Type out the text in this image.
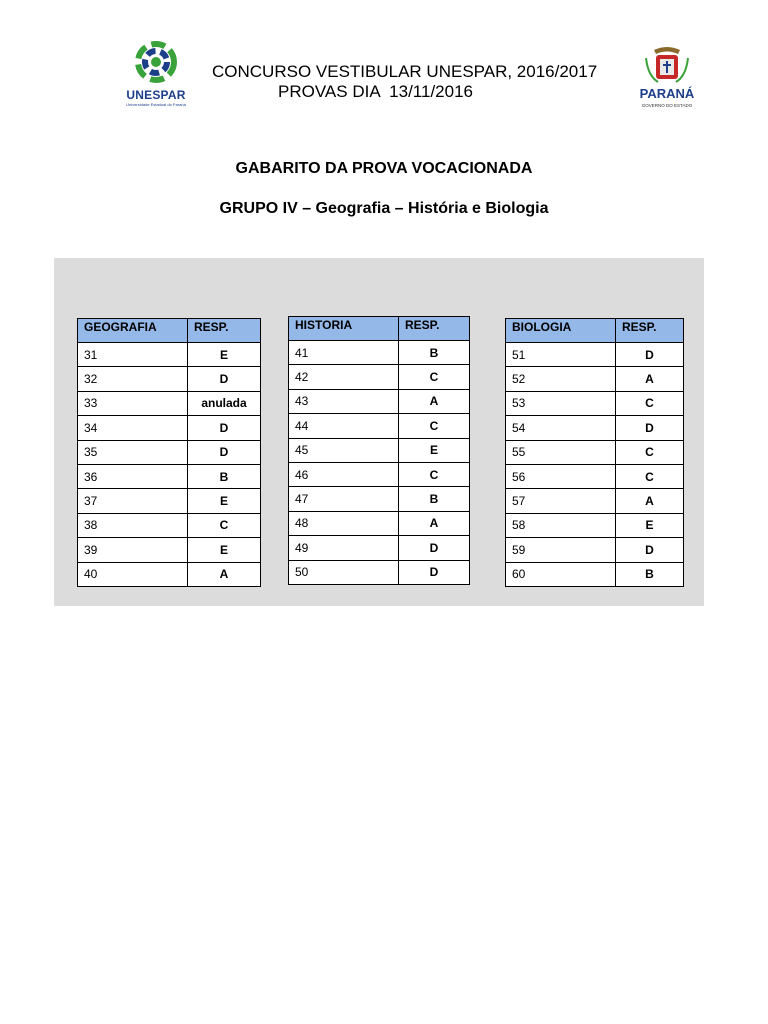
UNESPAR
Universidade Estadual do Paraná
CONCURSO VESTIBULAR UNESPAR, 2016/2017
PROVAS DIA  13/11/2016	PARANÁ
GOVERNO DO ESTADO
GABARITO DA PROVA VOCACIONADA
GRUPO IV – Geografia – História e Biologia
GEOGRAFIA	RESP.
31	E
32	D
33	anulada
34	D
35	D
36	B
37	E
38	C
39	E
40	A
HISTORIA	RESP.
41	B
42	C
43	A
44	C
45	E
46	C
47	B
48	A
49	D
50	D
BIOLOGIA	RESP.
51	D
52	A
53	C
54	D
55	C
56	C
57	A
58	E
59	D
60	B
